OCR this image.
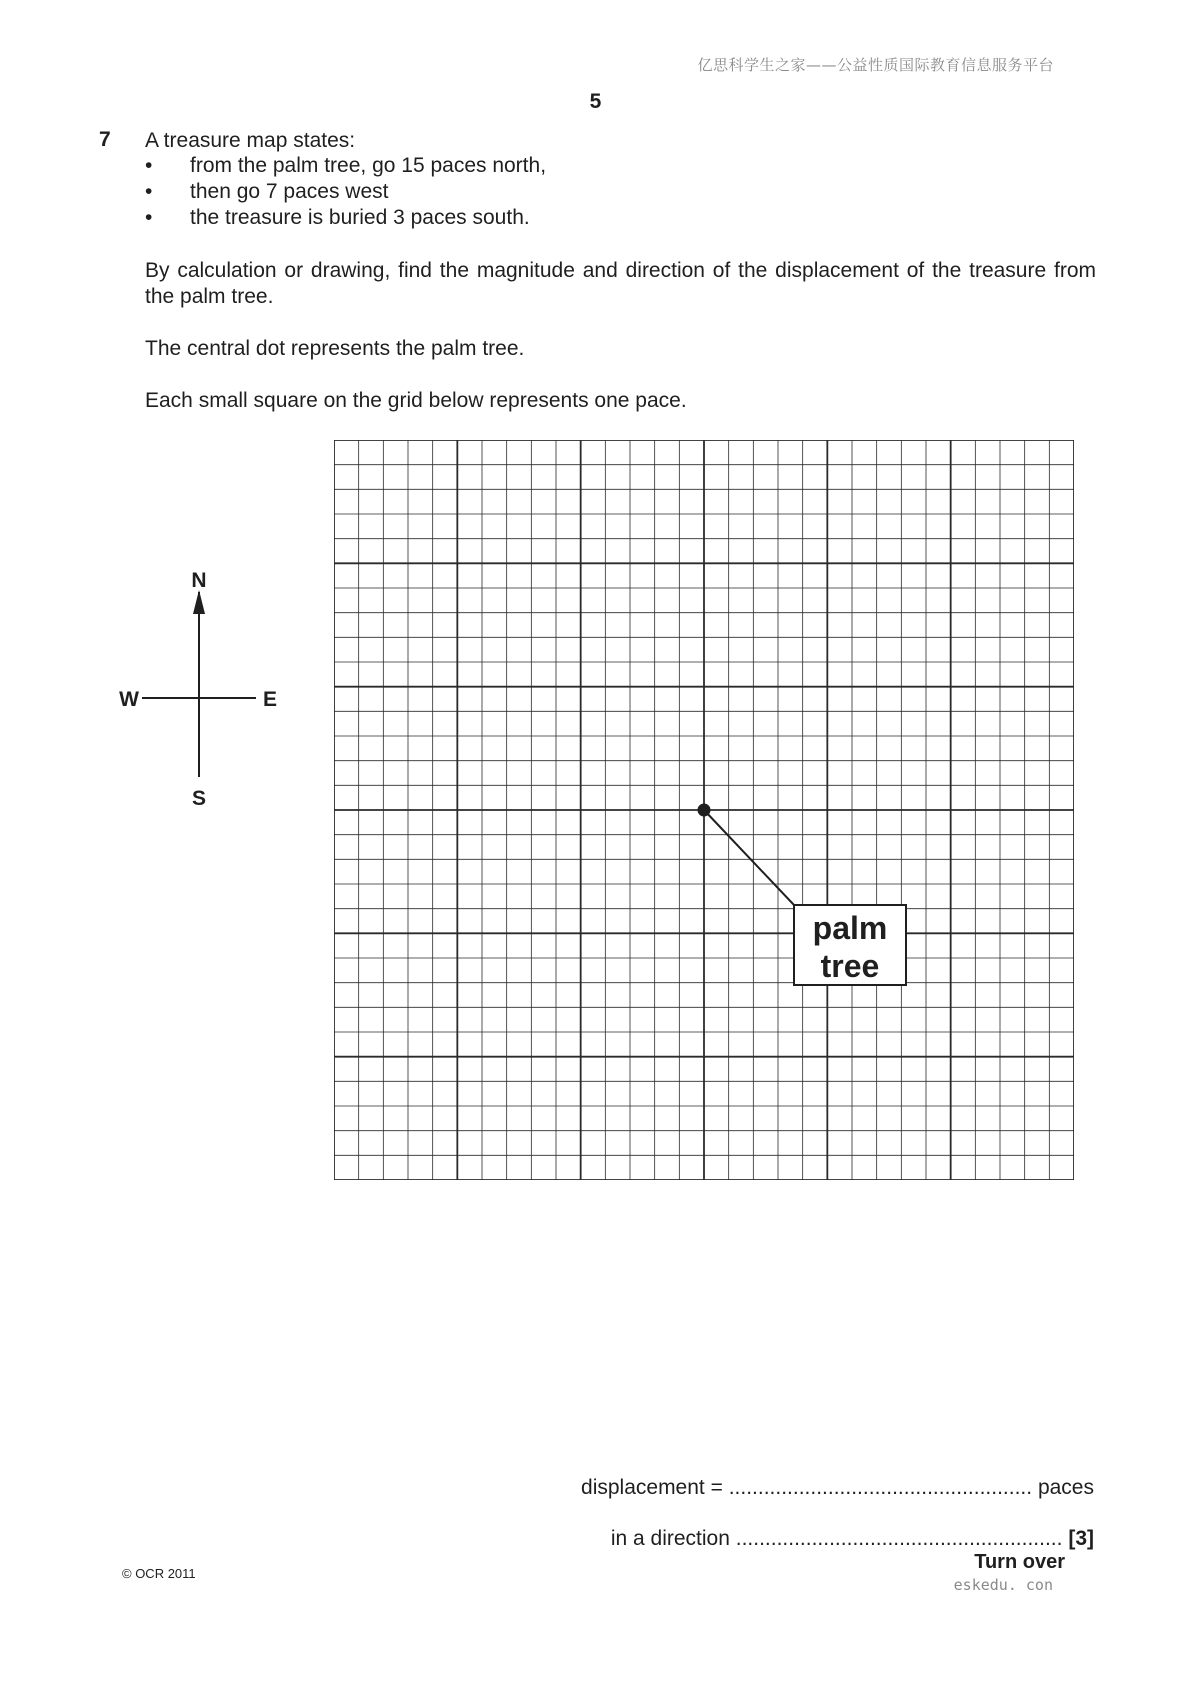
亿思科学生之家——公益性质国际教育信息服务平台
5
7 A treasure map states:
• from the palm tree, go 15 paces north,
• then go 7 paces west
• the treasure is buried 3 paces south.
By calculation or drawing, find the magnitude and direction of the displacement of the treasure from the palm tree.
The central dot represents the palm tree.
Each small square on the grid below represents one pace.
N
S
W	E
palm
tree
displacement = .................................................... paces
in a direction ........................................................ [3]
© OCR 2011
Turn over
eskedu. con
